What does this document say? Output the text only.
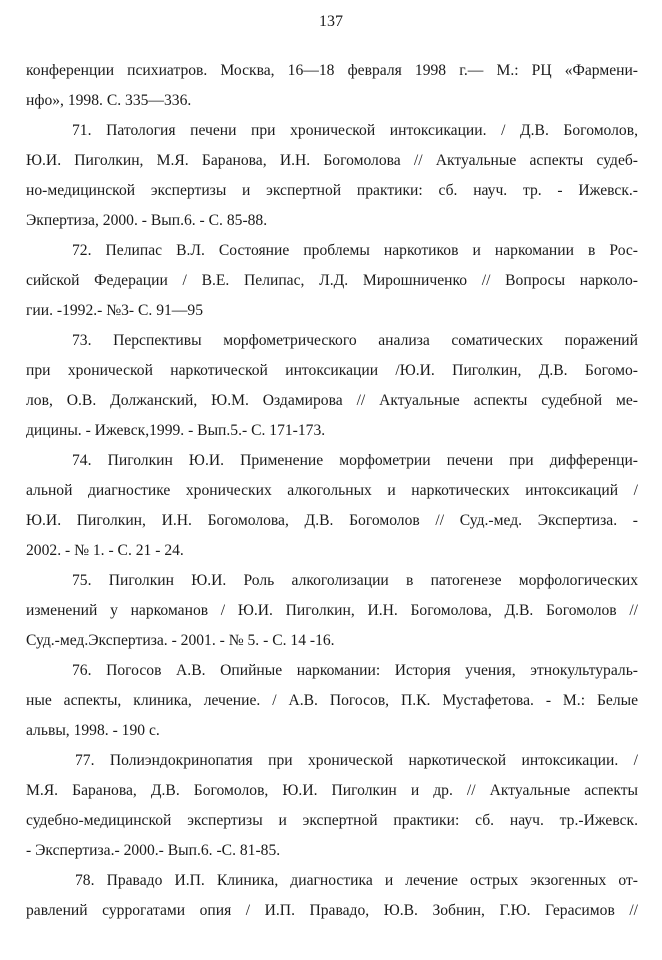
137
конференции психиатров. Москва, 16—18 февраля 1998 г.— М.: РЦ «Фармени-
нфо», 1998. С. 335—336.
71. Патология печени при хронической интоксикации. / Д.В. Богомолов,
Ю.И. Пиголкин, М.Я. Баранова, И.Н. Богомолова // Актуальные аспекты судеб-
но-медицинской экспертизы и экспертной практики: сб. науч. тр. - Ижевск.-
Экпертиза, 2000. - Вып.6. - С. 85-88.
72. Пелипас В.Л. Состояние проблемы наркотиков и наркомании в Рос-
сийской Федерации / В.Е. Пелипас, Л.Д. Мирошниченко // Вопросы нарколо-
гии. -1992.- №3- С. 91—95
73. Перспективы морфометрического анализа соматических поражений
при хронической наркотической интоксикации /Ю.И. Пиголкин, Д.В. Богомо-
лов, О.В. Должанский, Ю.М. Оздамирова // Актуальные аспекты судебной ме-
дицины. - Ижевск,1999. - Вып.5.- С. 171-173.
74. Пиголкин Ю.И. Применение морфометрии печени при дифференци-
альной диагностике хронических алкогольных и наркотических интоксикаций /
Ю.И. Пиголкин, И.Н. Богомолова, Д.В. Богомолов // Суд.-мед. Экспертиза. -
2002. - № 1. - С. 21 - 24.
75. Пиголкин Ю.И. Роль алкоголизации в патогенезе морфологических
изменений у наркоманов / Ю.И. Пиголкин, И.Н. Богомолова, Д.В. Богомолов //
Суд.-мед.Экспертиза. - 2001. - № 5. - С. 14 -16.
76. Погосов А.В. Опийные наркомании: История учения, этнокультураль-
ные аспекты, клиника, лечение. / А.В. Погосов, П.К. Мустафетова. - М.: Белые
альвы, 1998. - 190 с.
77. Полиэндокринопатия при хронической наркотической интоксикации. /
М.Я. Баранова, Д.В. Богомолов, Ю.И. Пиголкин и др. // Актуальные аспекты
судебно-медицинской экспертизы и экспертной практики: сб. науч. тр.-Ижевск.
- Экспертиза.- 2000.- Вып.6. -С. 81-85.
78. Правадо И.П. Клиника, диагностика и лечение острых экзогенных от-
равлений суррогатами опия / И.П. Правадо, Ю.В. Зобнин, Г.Ю. Герасимов //
